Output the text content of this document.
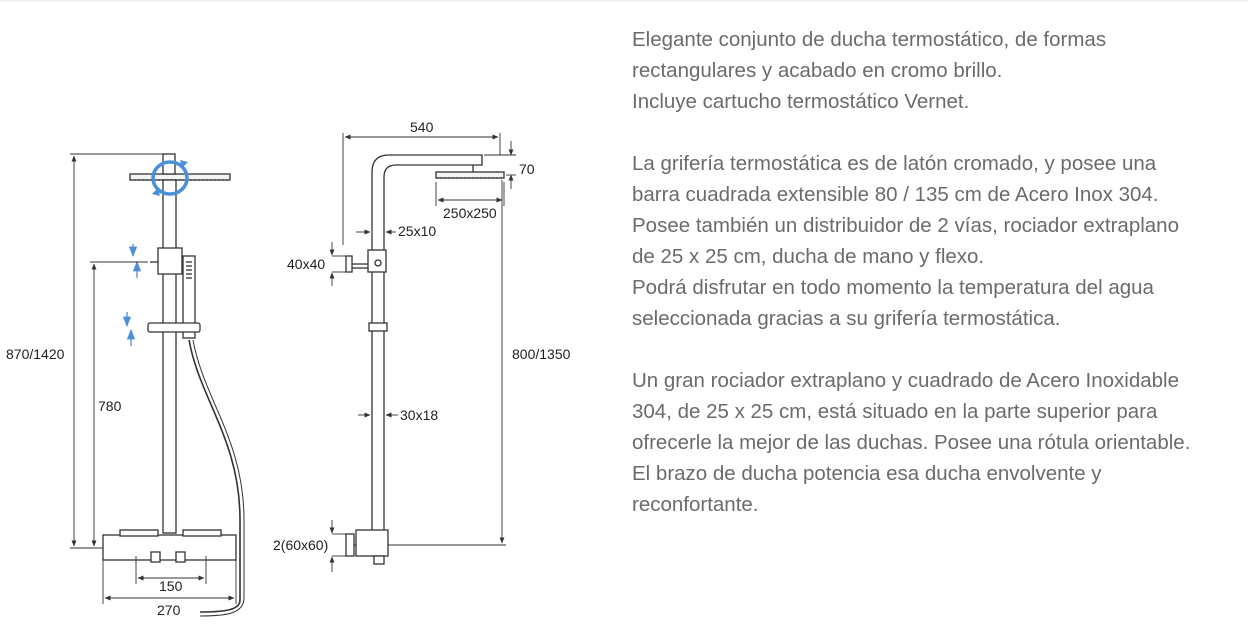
870/1420
780
150
270
540
70
250x250
25x10
40x40
800/1350
30x18
2(60x60)

Elegante conjunto de ducha termostático, de formas
rectangulares y acabado en cromo brillo.
Incluye cartucho termostático Vernet.

La grifería termostática es de latón cromado, y posee una
barra cuadrada extensible 80 / 135 cm de Acero Inox 304.
Posee también un distribuidor de 2 vías, rociador extraplano
de 25 x 25 cm, ducha de mano y flexo.
Podrá disfrutar en todo momento la temperatura del agua
seleccionada gracias a su grifería termostática.

Un gran rociador extraplano y cuadrado de Acero Inoxidable
304, de 25 x 25 cm, está situado en la parte superior para
ofrecerle la mejor de las duchas. Posee una rótula orientable.
El brazo de ducha potencia esa ducha envolvente y
reconfortante.
